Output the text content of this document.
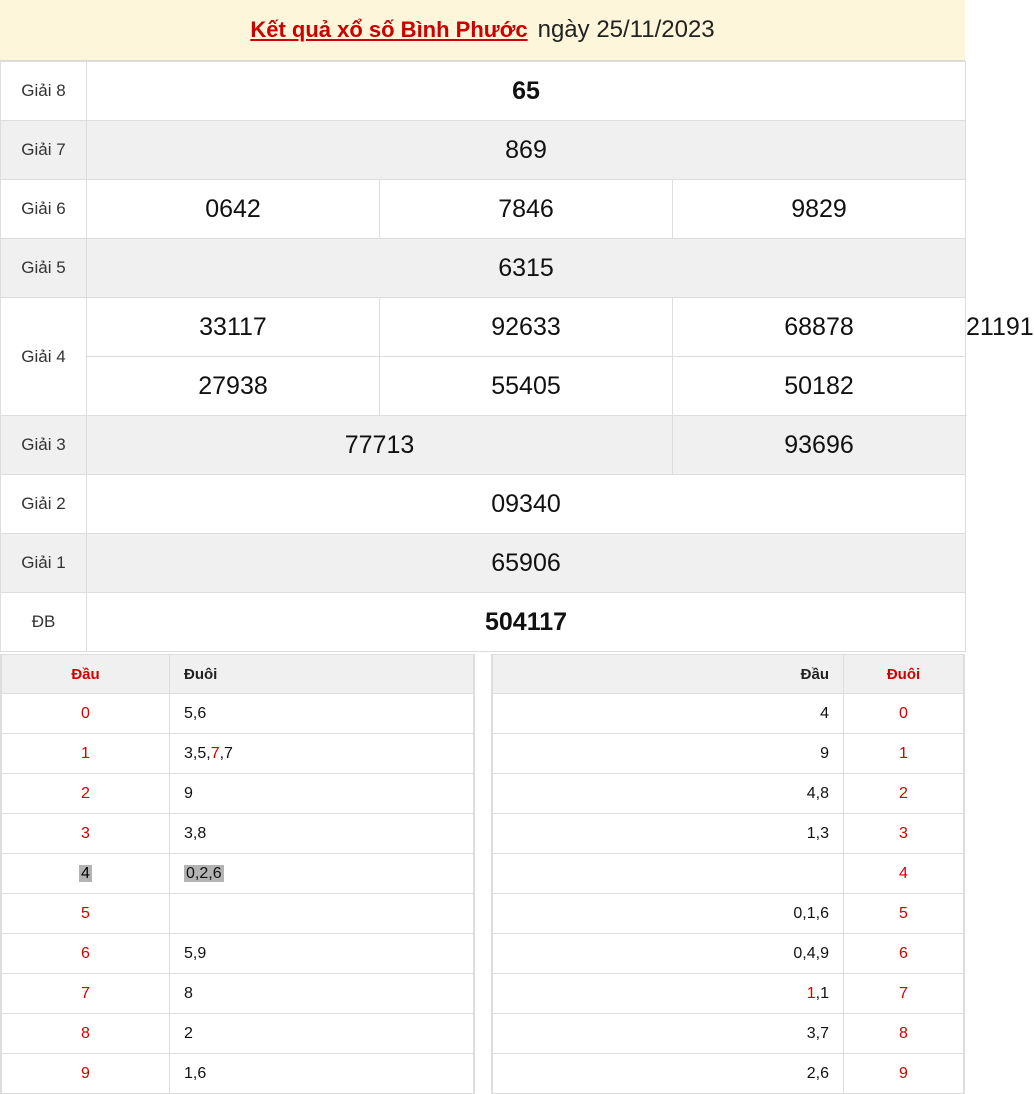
Kết quả xổ số Bình Phước ngày 25/11/2023
Giải 8	65			
Giải 7	869			
Giải 6	0642	7846	9829	
Giải 5	6315			
Giải 4	33117	92633	68878	21191
	27938	55405	50182	
Giải 3	77713		93696	
Giải 2	09340			
Giải 1	65906			
ĐB	504117			
Đầu	Đuôi
0	5,6
1	3,5,7,7
2	9
3	3,8
4	0,2,6
5	
6	5,9
7	8
8	2
9	1,6
Đầu	Đuôi
4	0
9	1
4,8	2
1,3	3
	4
0,1,6	5
0,4,9	6
1,1	7
3,7	8
2,6	9
